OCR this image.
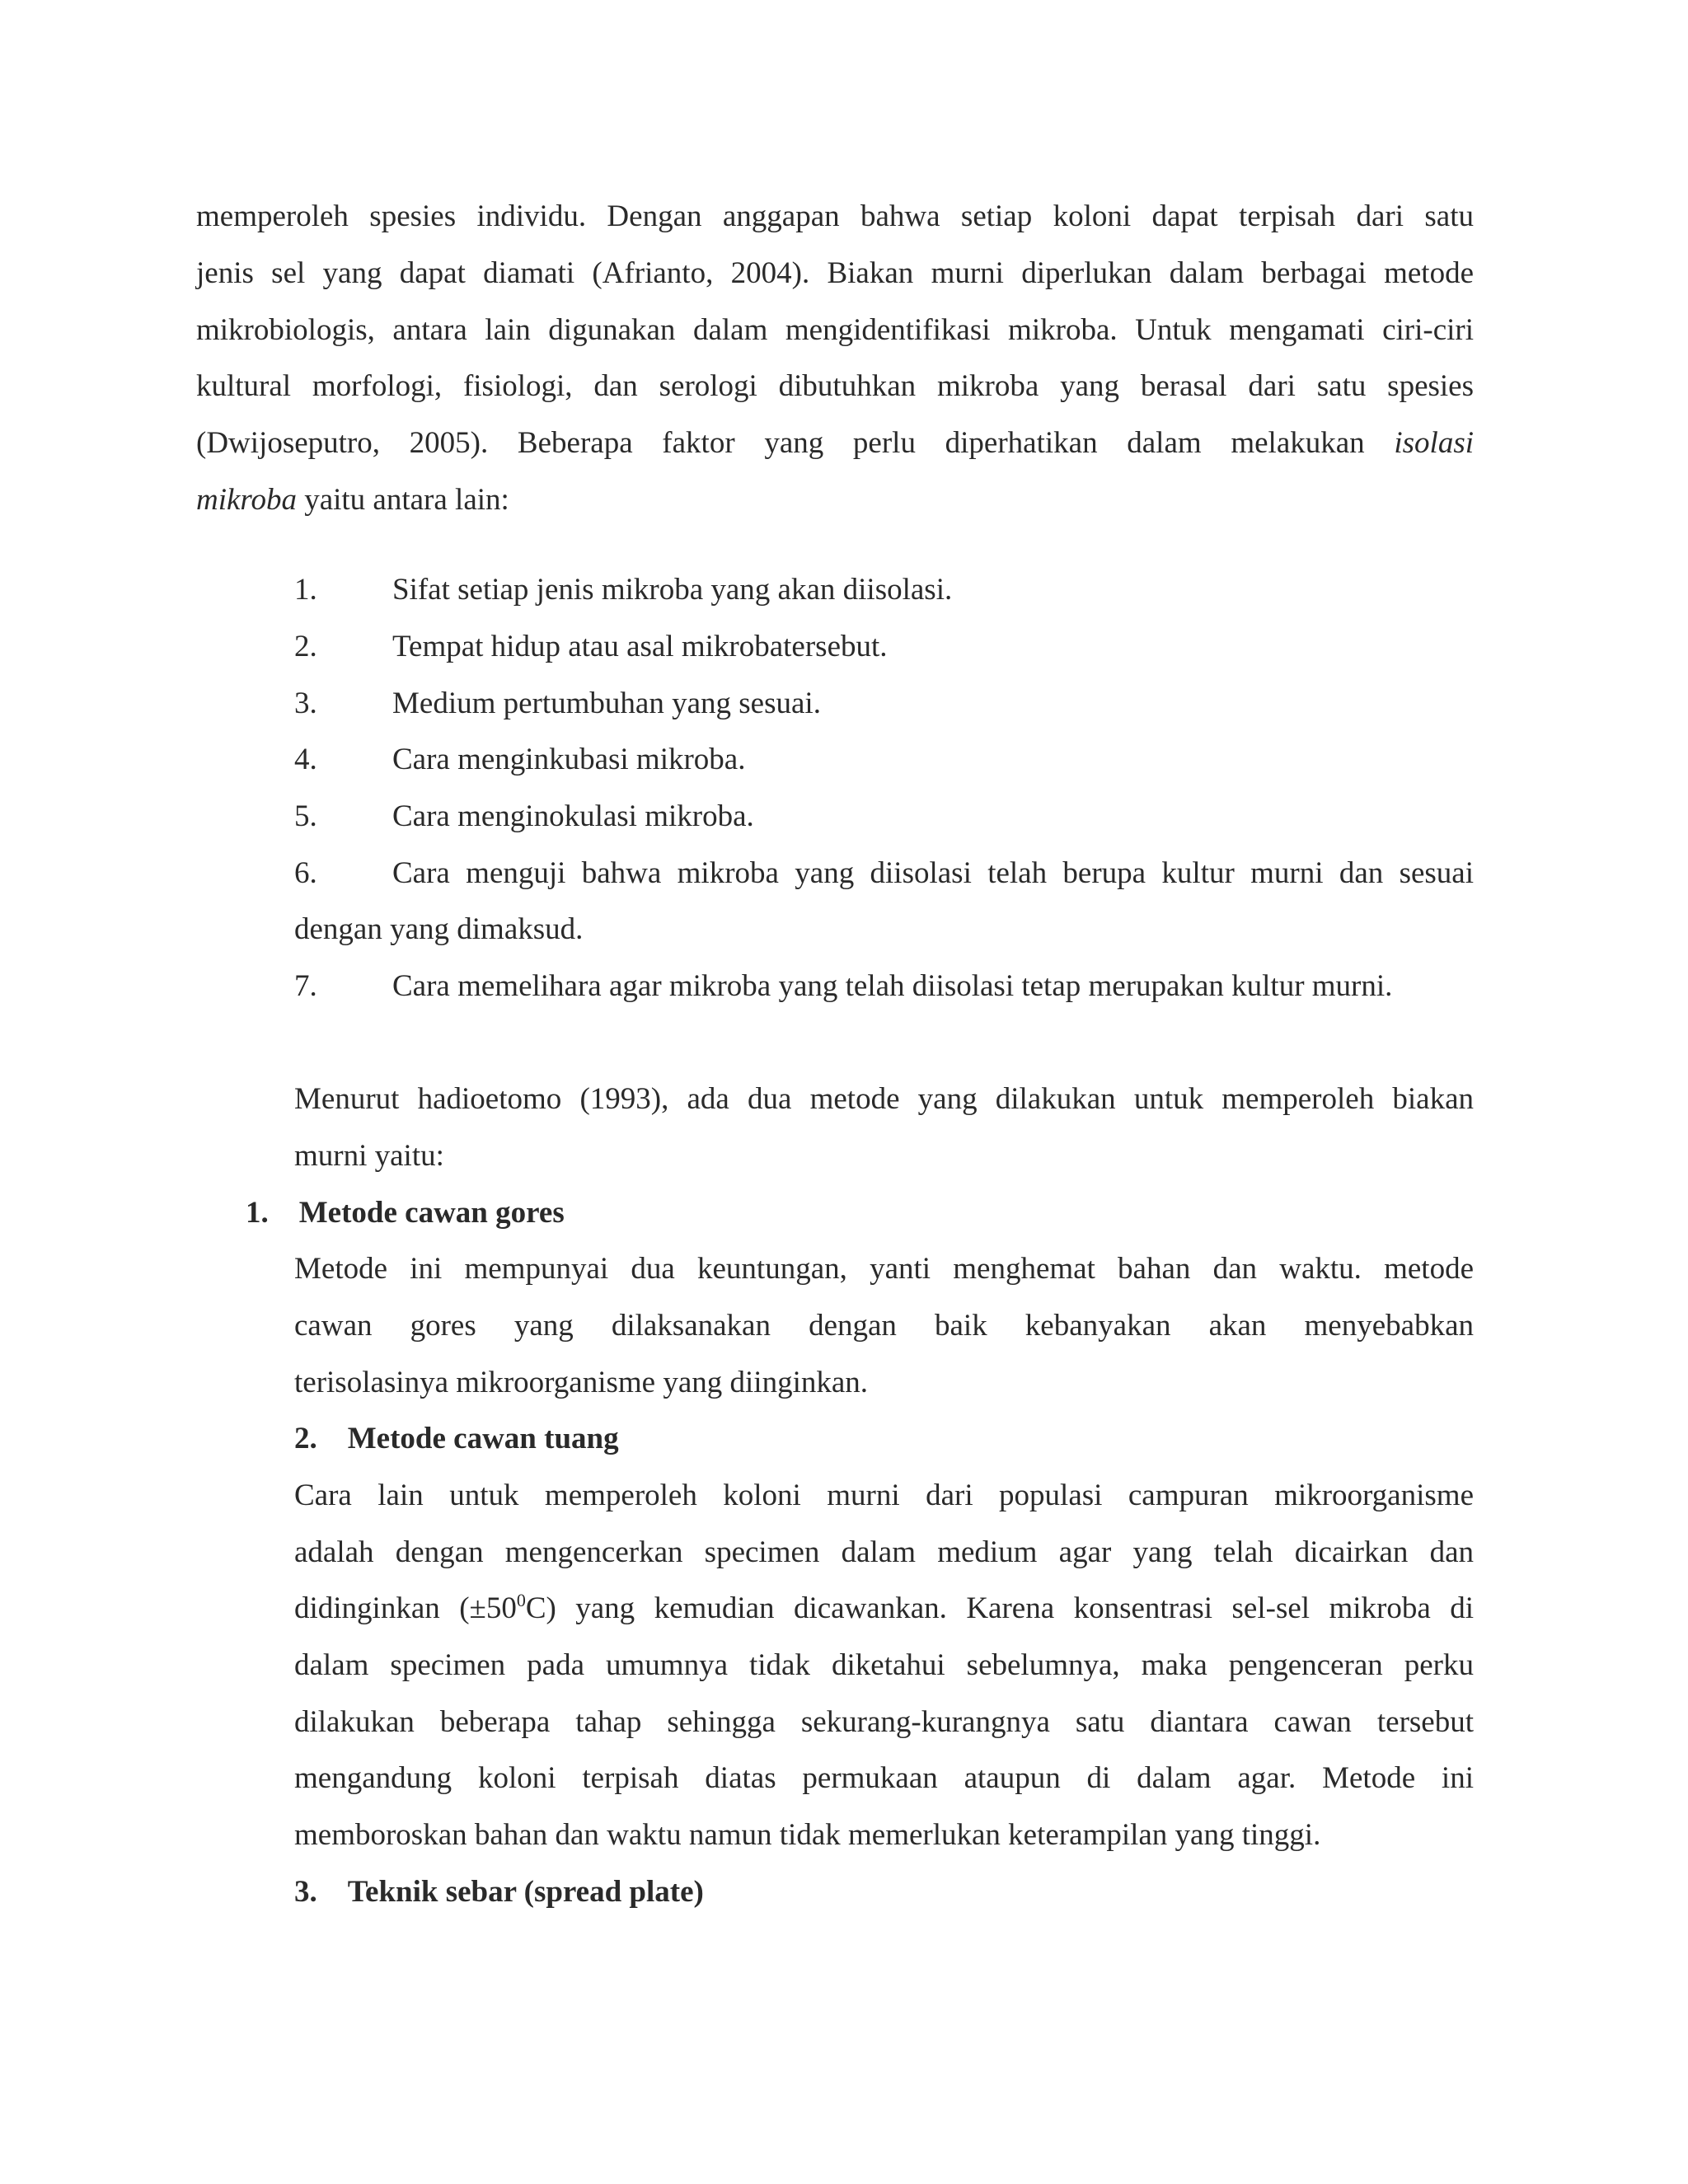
memperoleh spesies individu. Dengan anggapan bahwa setiap koloni dapat terpisah dari satu
jenis sel yang dapat diamati (Afrianto, 2004). Biakan murni diperlukan dalam berbagai metode
mikrobiologis, antara lain digunakan dalam mengidentifikasi mikroba. Untuk mengamati ciri-ciri
kultural morfologi, fisiologi, dan serologi dibutuhkan mikroba yang berasal dari satu spesies
(Dwijoseputro, 2005). Beberapa faktor yang perlu diperhatikan dalam melakukan isolasi
mikroba yaitu antara lain:
1. Sifat setiap jenis mikroba yang akan diisolasi.
2. Tempat hidup atau asal mikrobatersebut.
3. Medium pertumbuhan yang sesuai.
4. Cara menginkubasi mikroba.
5. Cara menginokulasi mikroba.
6. Cara menguji bahwa mikroba yang diisolasi telah berupa kultur murni dan sesuai
dengan yang dimaksud.
7. Cara memelihara agar mikroba yang telah diisolasi tetap merupakan kultur murni.
Menurut hadioetomo (1993), ada dua metode yang dilakukan untuk memperoleh biakan
murni yaitu:
1. Metode cawan gores
Metode ini mempunyai dua keuntungan, yanti menghemat bahan dan waktu. metode
cawan gores yang dilaksanakan dengan baik kebanyakan akan menyebabkan
terisolasinya mikroorganisme yang diinginkan.
2. Metode cawan tuang
Cara lain untuk memperoleh koloni murni dari populasi campuran mikroorganisme
adalah dengan mengencerkan specimen dalam medium agar yang telah dicairkan dan
didinginkan $(\pm 50^0C)$ yang kemudian dicawankan. Karena konsentrasi sel-sel mikroba di
dalam specimen pada umumnya tidak diketahui sebelumnya, maka pengenceran perku
dilakukan beberapa tahap sehingga sekurang-kurangnya satu diantara cawan tersebut
mengandung koloni terpisah diatas permukaan ataupun di dalam agar. Metode ini
memboroskan bahan dan waktu namun tidak memerlukan keterampilan yang tinggi.
3. Teknik sebar (spread plate)
